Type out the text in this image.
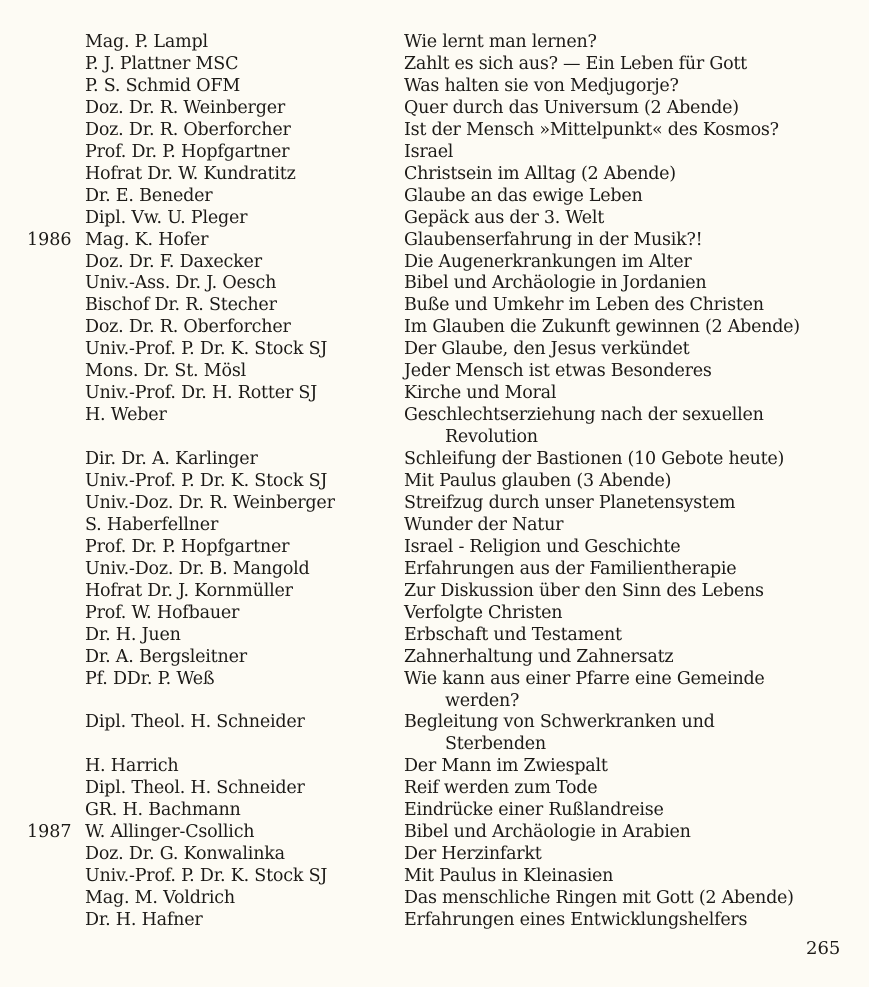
Mag. P. Lampl	Wie lernt man lernen?
P. J. Plattner MSC	Zahlt es sich aus? — Ein Leben für Gott
P. S. Schmid OFM	Was halten sie von Medjugorje?
Doz. Dr. R. Weinberger	Quer durch das Universum (2 Abende)
Doz. Dr. R. Oberforcher	Ist der Mensch »Mittelpunkt« des Kosmos?
Prof. Dr. P. Hopfgartner	Israel
Hofrat Dr. W. Kundratitz	Christsein im Alltag (2 Abende)
Dr. E. Beneder	Glaube an das ewige Leben
Dipl. Vw. U. Pleger	Gepäck aus der 3. Welt
1986 Mag. K. Hofer	Glaubenserfahrung in der Musik?!
Doz. Dr. F. Daxecker	Die Augenerkrankungen im Alter
Univ.-Ass. Dr. J. Oesch	Bibel und Archäologie in Jordanien
Bischof Dr. R. Stecher	Buße und Umkehr im Leben des Christen
Doz. Dr. R. Oberforcher	Im Glauben die Zukunft gewinnen (2 Abende)
Univ.-Prof. P. Dr. K. Stock SJ	Der Glaube, den Jesus verkündet
Mons. Dr. St. Mösl	Jeder Mensch ist etwas Besonderes
Univ.-Prof. Dr. H. Rotter SJ	Kirche und Moral
H. Weber	Geschlechtserziehung nach der sexuellen
Revolution
Dir. Dr. A. Karlinger	Schleifung der Bastionen (10 Gebote heute)
Univ.-Prof. P. Dr. K. Stock SJ	Mit Paulus glauben (3 Abende)
Univ.-Doz. Dr. R. Weinberger	Streifzug durch unser Planetensystem
S. Haberfellner	Wunder der Natur
Prof. Dr. P. Hopfgartner	Israel - Religion und Geschichte
Univ.-Doz. Dr. B. Mangold	Erfahrungen aus der Familientherapie
Hofrat Dr. J. Kornmüller	Zur Diskussion über den Sinn des Lebens
Prof. W. Hofbauer	Verfolgte Christen
Dr. H. Juen	Erbschaft und Testament
Dr. A. Bergsleitner	Zahnerhaltung und Zahnersatz
Pf. DDr. P. Weß	Wie kann aus einer Pfarre eine Gemeinde
werden?
Dipl. Theol. H. Schneider	Begleitung von Schwerkranken und
Sterbenden
H. Harrich	Der Mann im Zwiespalt
Dipl. Theol. H. Schneider	Reif werden zum Tode
GR. H. Bachmann	Eindrücke einer Rußlandreise
1987 W. Allinger-Csollich	Bibel und Archäologie in Arabien
Doz. Dr. G. Konwalinka	Der Herzinfarkt
Univ.-Prof. P. Dr. K. Stock SJ	Mit Paulus in Kleinasien
Mag. M. Voldrich	Das menschliche Ringen mit Gott (2 Abende)
Dr. H. Hafner	Erfahrungen eines Entwicklungshelfers
265
